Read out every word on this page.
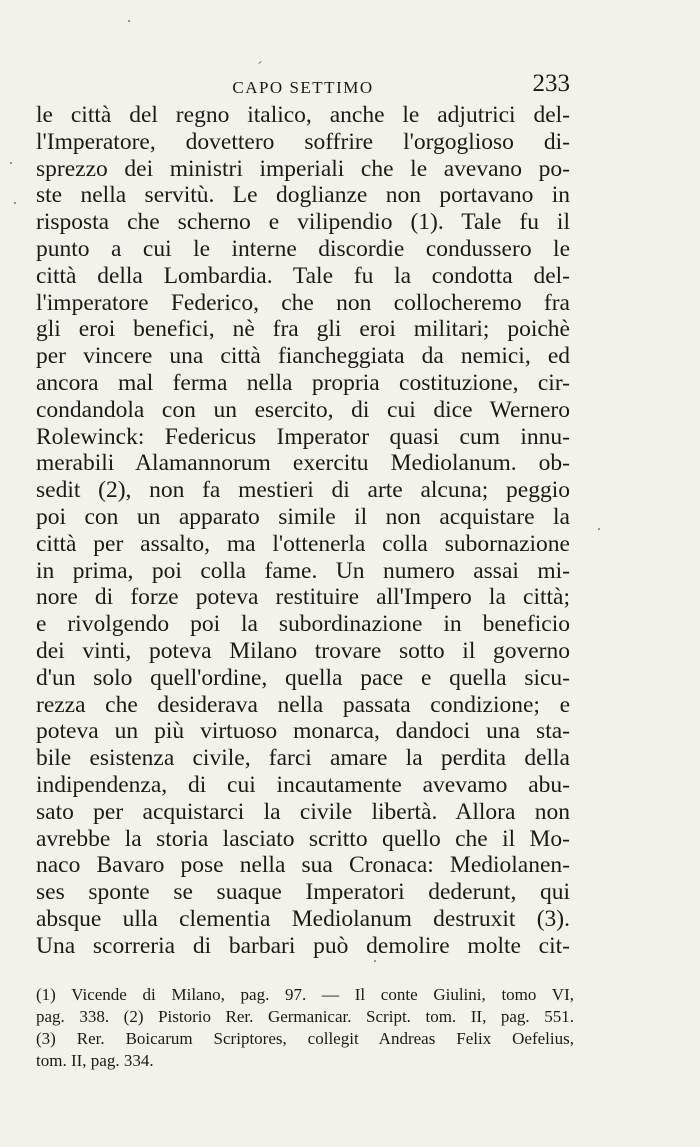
CAPO SETTIMO	233
le città del regno italico, anche le adjutrici del-
l'Imperatore, dovettero soffrire l'orgoglioso di-
sprezzo dei ministri imperiali che le avevano po-
ste nella servitù. Le doglianze non portavano in
risposta che scherno e vilipendio (1). Tale fu il
punto a cui le interne discordie condussero le
città della Lombardia. Tale fu la condotta del-
l'imperatore Federico, che non collocheremo fra
gli eroi benefici, nè fra gli eroi militari; poichè
per vincere una città fiancheggiata da nemici, ed
ancora mal ferma nella propria costituzione, cir-
condandola con un esercito, di cui dice Wernero
Rolewinck: Federicus Imperator quasi cum innu-
merabili Alamannorum exercitu Mediolanum. ob-
sedit (2), non fa mestieri di arte alcuna; peggio
poi con un apparato simile il non acquistare la
città per assalto, ma l'ottenerla colla subornazione
in prima, poi colla fame. Un numero assai mi-
nore di forze poteva restituire all'Impero la città;
e rivolgendo poi la subordinazione in beneficio
dei vinti, poteva Milano trovare sotto il governo
d'un solo quell'ordine, quella pace e quella sicu-
rezza che desiderava nella passata condizione; e
poteva un più virtuoso monarca, dandoci una sta-
bile esistenza civile, farci amare la perdita della
indipendenza, di cui incautamente avevamo abu-
sato per acquistarci la civile libertà. Allora non
avrebbe la storia lasciato scritto quello che il Mo-
naco Bavaro pose nella sua Cronaca: Mediolanen-
ses sponte se suaque Imperatori dederunt, qui
absque ulla clementia Mediolanum destruxit (3).
Una scorreria di barbari può demolire molte cit-
(1) Vicende di Milano, pag. 97. — Il conte Giulini, tomo VI,
pag. 338. (2) Pistorio Rer. Germanicar. Script. tom. II, pag. 551.
(3) Rer. Boicarum Scriptores, collegit Andreas Felix Oefelius,
tom. II, pag. 334.
